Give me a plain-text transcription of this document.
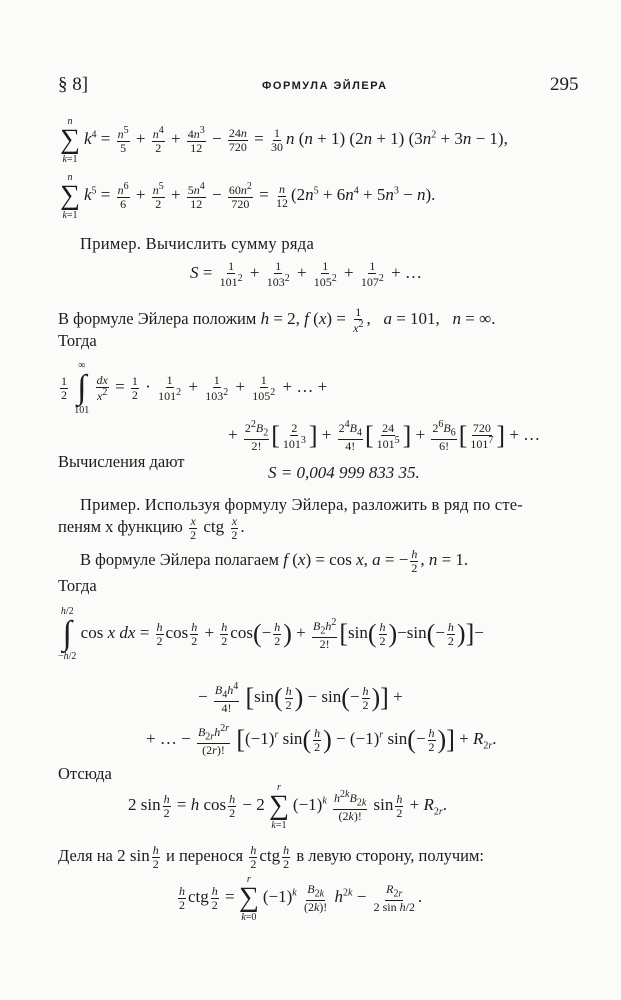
§ 8]	ФОРМУЛА ЭЙЛЕРА	295
n
∑
k=1
$k^4 = \frac{n^5}{5} + \frac{n^4}{2} + \frac{4n^3}{12} - \frac{24n}{720} = \frac{1}{30}$ n (n + 1) (2n + 1) $(3n^2 + 3n - 1)$,
n
∑
k=1
$k^5 = \frac{n^6}{6} + \frac{n^5}{2} + \frac{5n^4}{12} - \frac{60n^2}{720} = \frac{n}{12} (2n^5 + 6n^4 + 5n^3 - n)$.
Пример. Вычислить сумму ряда
$S = \frac{1}{101^2} + \frac{1}{103^2} + \frac{1}{105^2} + \frac{1}{107^2}$ + …
В формуле Эйлера положим h = 2, f $(x) = \frac{1}{x^2}$ ,   a = 101,   n = ∞.
Тогда
$\frac{1}{2}$

∞
∫
101

$\frac{dx}{x^2} = \frac{1}{2} \cdot \frac{1}{101^2} + \frac{1}{103^2} + \frac{1}{105^2}$ + … +
+ $\frac{2^2B_2}{2!}$ [ $\frac{2}{101^3}$ ] + $\frac{2^4B_4}{4!}$ [ $\frac{24}{101^5}$ ] + $\frac{2^6B_6}{6!}$ [ $\frac{720}{101^7}$ ] + …
Вычисления дают
S = 0,004 999 833 35.
Пример. Используя формулу Эйлера, разложить в ряд по сте-
пеням x функцию $\frac{x}{2}$ ctg $\frac{x}{2}$ .
В формуле Эйлера полагаем f (x) = cos x, a = − $\frac{h}{2}$ , n = 1.
Тогда
h/2
∫
−h/2
cos x dx = $\frac{h}{2}$ $\cos \frac{h}{2} + \frac{h}{2} \cos(- \frac{h}{2}$ ) + $\frac{B_2h^2}{2!} [\sin( \frac{h}{2} )-\sin(- \frac{h}{2}$ )]−
− $\frac{B_4h^4}{4!} [\sin( \frac{h}{2}$ ) − $\sin(- \frac{h}{2}$ )] +
+ … − $\frac{B_{2r}h^{2r}}{(2r)!} [(-1)^r$ $\sin( \frac{h}{2}$ ) − $(-1)^r$ $\sin(- \frac{h}{2}$ )] + $R_{2r}$.
Отсюда
2 $\sin \frac{h}{2} = h$ $\cos \frac{h}{2} - 2$
r
∑
k=1
$(-1)^k \frac{h^{2k}B_{2k}}{(2k)!}$ $\sin \frac{h}{2} + R_{2r}$.
Деля на 2 $\sin \frac{h}{2}$ и перенося $\frac{h}{2}$ ctg $\frac{h}{2}$ в левую сторону, получим:
$\frac{h}{2}$ ctg $\frac{h}{2}$ =
r
∑
k=0
$(-1)^k \frac{B_{2k}}{(2k)!} h^{2k} - \frac{R_{2r}}{\text{2 sin h/2}}$ .
